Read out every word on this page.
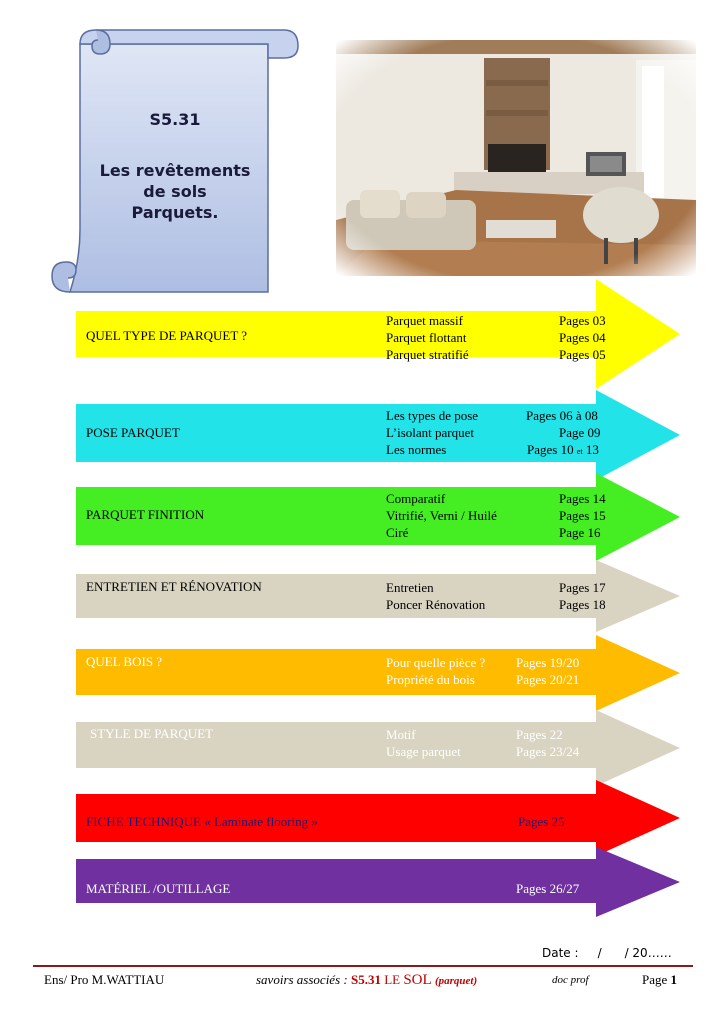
S5.31
Les revêtements
de sols
Parquets.
QUEL TYPE DE PARQUET ?
Parquet massif	Pages 03
Parquet flottant	Pages 04
Parquet stratifié	Pages 05
POSE PARQUET
Les types de pose	Pages 06 à 08
L’isolant parquet	Page 09
Les normes	Pages 10 et 13
PARQUET FINITION
Comparatif	Pages 14
Vitrifié, Verni / Huilé	Pages 15
Ciré	Page 16
ENTRETIEN ET RÉNOVATION	Entretien	Pages 17
Poncer Rénovation	Pages 18
QUEL BOIS ?	Pour quelle pièce ? Pages 19/20
Propriété du bois	Pages 20/21
STYLE DE PARQUET	Motif	Pages 22
Usage parquet	Pages 23/24
FICHE TECHNIQUE « Laminate flooring »	Pages 25
MATÉRIEL /OUTILLAGE	Pages 26/27
Date : / / 20……
Ens/ Pro M.WATTIAU	savoirs associés : S5.31 LE SOL (parquet)	doc prof	Page 1
